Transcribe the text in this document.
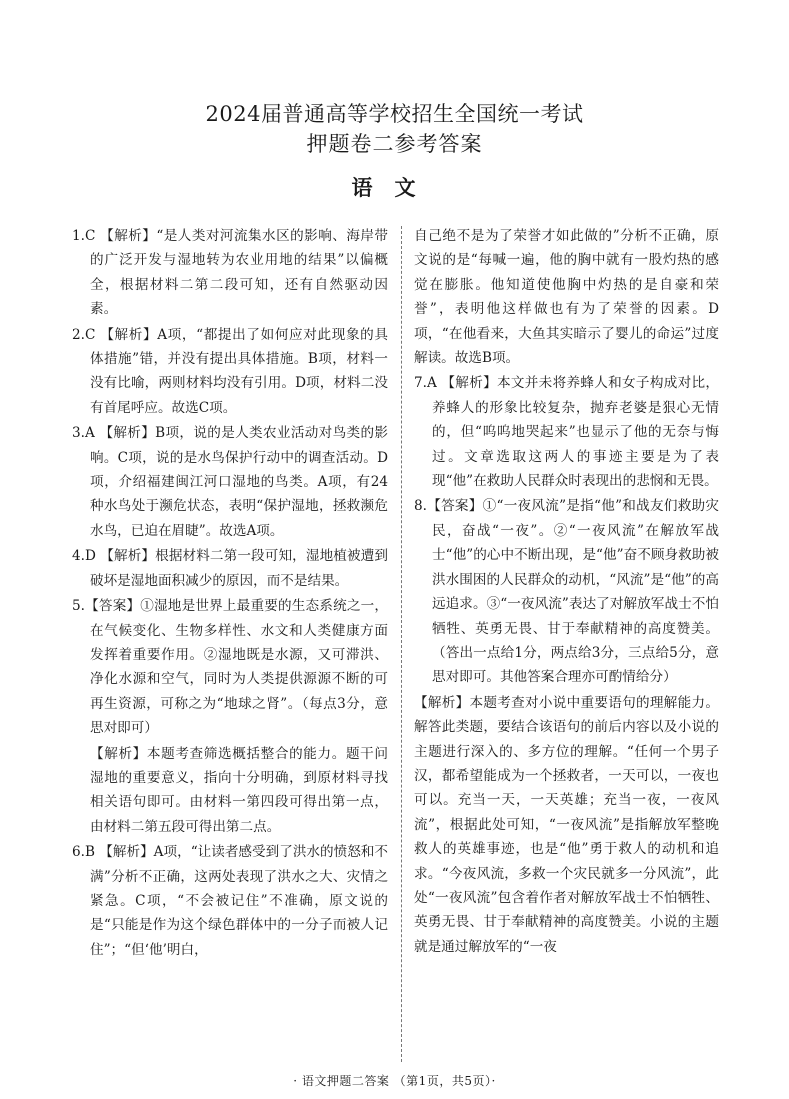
2024届普通高等学校招生全国统一考试
押题卷二参考答案
语文

1.C 【解析】“是人类对河流集水区的影响、海岸带的广泛开发与湿地转为农业用地的结果”以偏概全，根据材料二第二段可知，还有自然驱动因素。

2.C 【解析】A项，“都提出了如何应对此现象的具体措施”错，并没有提出具体措施。B项，材料一没有比喻，两则材料均没有引用。D项，材料二没有首尾呼应。故选C项。

3.A 【解析】B项，说的是人类农业活动对鸟类的影响。C项，说的是水鸟保护行动中的调查活动。D项，介绍福建闽江河口湿地的鸟类。A项，有24种水鸟处于濒危状态，表明“保护湿地，拯救濒危水鸟，已迫在眉睫”。故选A项。

4.D 【解析】根据材料二第一段可知，湿地植被遭到破坏是湿地面积减少的原因，而不是结果。

5.【答案】①湿地是世界上最重要的生态系统之一，在气候变化、生物多样性、水文和人类健康方面发挥着重要作用。②湿地既是水源，又可滞洪、净化水源和空气，同时为人类提供源源不断的可再生资源，可称之为“地球之肾”。（每点3分，意思对即可）

【解析】本题考查筛选概括整合的能力。题干问湿地的重要意义，指向十分明确，到原材料寻找相关语句即可。由材料一第四段可得出第一点，由材料二第五段可得出第二点。

6.B 【解析】A项，“让读者感受到了洪水的愤怒和不满”分析不正确，这两处表现了洪水之大、灾情之紧急。C项，“不会被记住”不准确，原文说的是“只能是作为这个绿色群体中的一分子而被人记住”；“但‘他’明白，

自己绝不是为了荣誉才如此做的”分析不正确，原文说的是“每喊一遍，他的胸中就有一股灼热的感觉在膨胀。他知道使他胸中灼热的是自豪和荣誉”，表明他这样做也有为了荣誉的因素。D项，“在他看来，大鱼其实暗示了婴儿的命运”过度解读。故选B项。

7.A 【解析】本文并未将养蜂人和女子构成对比，养蜂人的形象比较复杂，抛弃老婆是狠心无情的，但“呜呜地哭起来”也显示了他的无奈与悔过。文章选取这两人的事迹主要是为了表现“他”在救助人民群众时表现出的悲悯和无畏。

8.【答案】①“一夜风流”是指“他”和战友们救助灾民，奋战“一夜”。②“一夜风流”在解放军战士“他”的心中不断出现，是“他”奋不顾身救助被洪水围困的人民群众的动机，“风流”是“他”的高远追求。③“一夜风流”表达了对解放军战士不怕牺牲、英勇无畏、甘于奉献精神的高度赞美。（答出一点给1分，两点给3分，三点给5分，意思对即可。其他答案合理亦可酌情给分）

【解析】本题考查对小说中重要语句的理解能力。解答此类题，要结合该语句的前后内容以及小说的主题进行深入的、多方位的理解。“任何一个男子汉，都希望能成为一个拯救者，一天可以，一夜也可以。充当一天，一天英雄；充当一夜，一夜风流”，根据此处可知，“一夜风流”是指解放军整晚救人的英雄事迹，也是“他”勇于救人的动机和追求。“今夜风流，多救一个灾民就多一分风流”，此处“一夜风流”包含着作者对解放军战士不怕牺牲、英勇无畏、甘于奉献精神的高度赞美。小说的主题就是通过解放军的“一夜

· 语文押题二答案 （第1页，共5页）·
